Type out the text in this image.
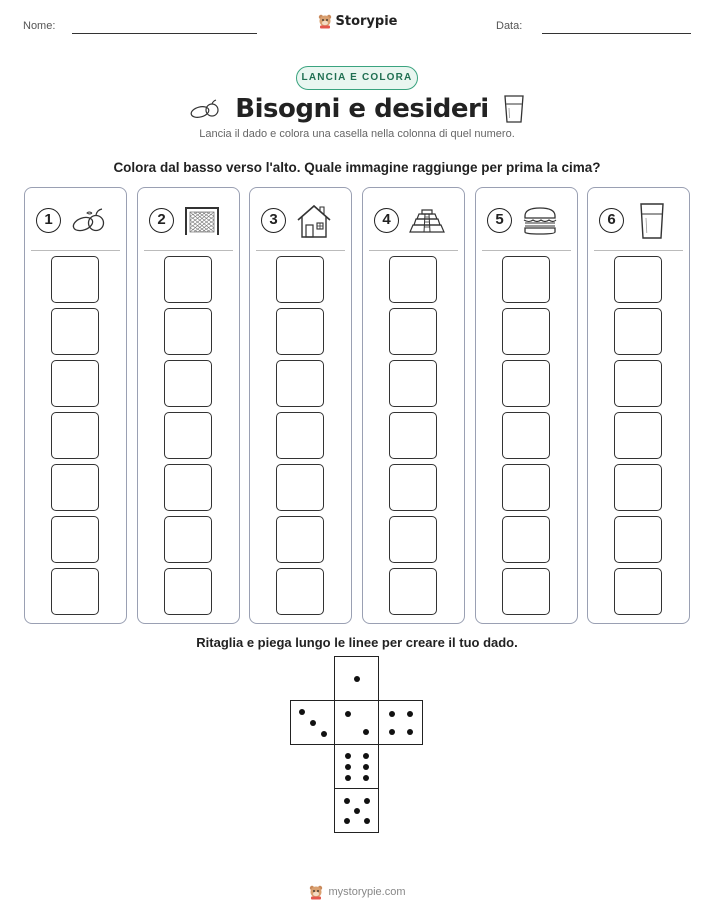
Nome:	Data:
Storypie
LANCIA E COLORA
Bisogni e desideri
Lancia il dado e colora una casella nella colonna di quel numero.
Colora dal basso verso l'alto. Quale immagine raggiunge per prima la cima?
1	2	3	4	5	6
Ritaglia e piega lungo le linee per creare il tuo dado.
mystorypie.com
